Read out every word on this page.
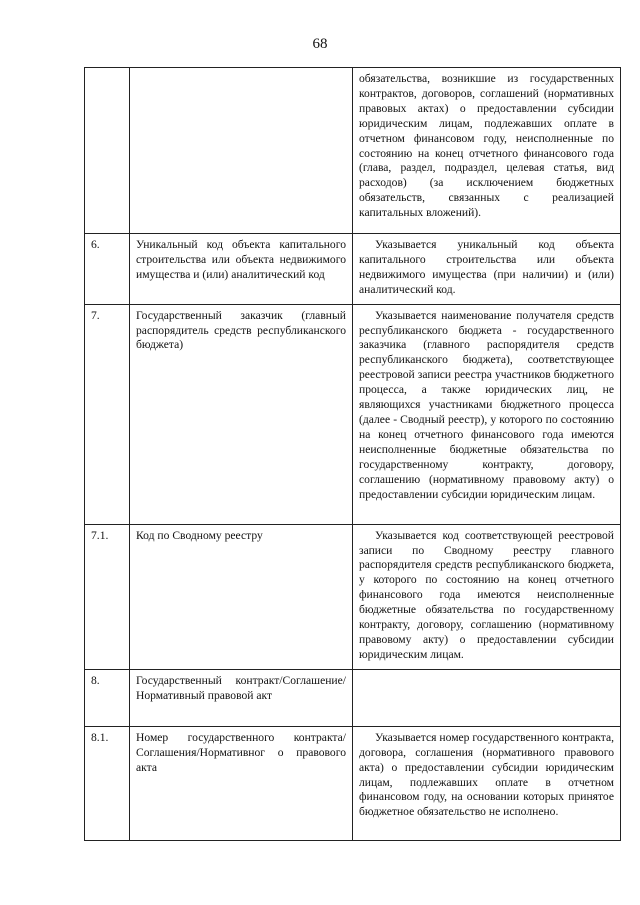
68
		обязательства, возникшие из государственных контрактов, договоров, соглашений (нормативных правовых актах) о предоставлении субсидии юридическим лицам, подлежавших оплате в отчетном финансовом году, неисполненные по состоянию на конец отчетного финансового года (глава, раздел, подраздел, целевая статья, вид расходов) (за исключением бюджетных обязательств, связанных с реализацией капитальных вложений).
6.	Уникальный код объекта капитального строительства или объекта недвижимого имущества и (или) аналитический код	Указывается уникальный код объекта капитального строительства или объекта недвижимого имущества (при наличии) и (или) аналитический код.
7.	Государственный заказчик (главный распорядитель средств республиканского бюджета)	Указывается наименование получателя средств республиканского бюджета - государственного заказчика (главного распорядителя средств республиканского бюджета), соответствующее реестровой записи реестра участников бюджетного процесса, а также юридических лиц, не являющихся участниками бюджетного процесса (далее - Сводный реестр), у которого по состоянию на конец отчетного финансового года имеются неисполненные бюджетные обязательства по государственному контракту, договору, соглашению (нормативному правовому акту) о предоставлении субсидии юридическим лицам.
7.1.	Код по Сводному реестру	Указывается код соответствующей реестровой записи по Сводному реестру главного распорядителя средств республиканского бюджета, у которого по состоянию на конец отчетного финансового года имеются неисполненные бюджетные обязательства по государственному контракту, договору, соглашению (нормативному правовому акту) о предоставлении субсидии юридическим лицам.
8.	Государственный контракт/Соглашение/Нормативный правовой акт	
8.1.	Номер государственного контракта/Соглашения/Нормативног о правового акта	Указывается номер государственного контракта, договора, соглашения (нормативного правового акта) о предоставлении субсидии юридическим лицам, подлежавших оплате в отчетном финансовом году, на основании которых принятое бюджетное обязательство не исполнено.
